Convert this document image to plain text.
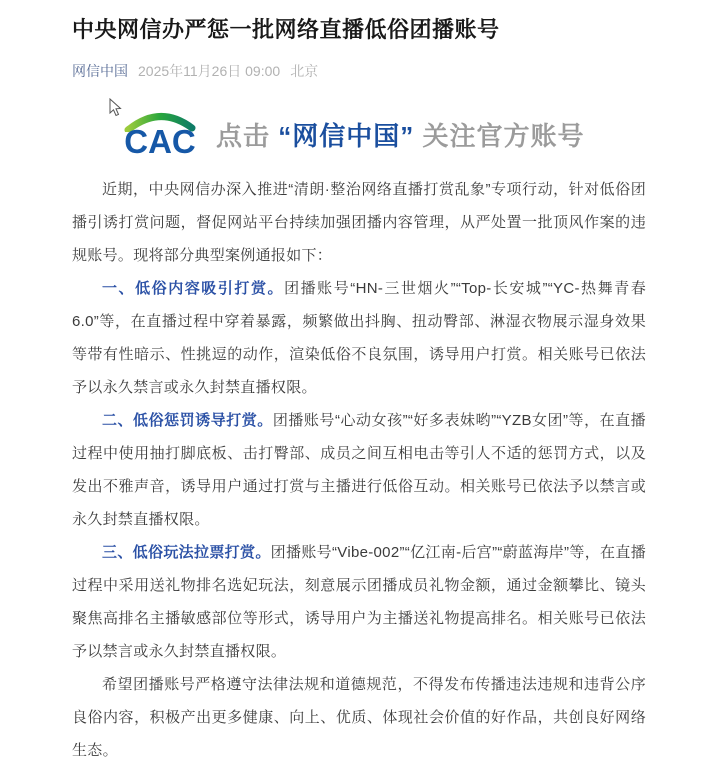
中央网信办严惩一批网络直播低俗团播账号
网信中国 2025年11月26日 09:00 北京
CAC 点击 “网信中国” 关注官方账号

近期，中央网信办深入推进“清朗·整治网络直播打赏乱象”专项行动，针对低俗团播引诱打赏问题，督促网站平台持续加强团播内容管理，从严处置一批顶风作案的违规账号。现将部分典型案例通报如下：

一、低俗内容吸引打赏。团播账号“HN-三世烟火”“Top-长安城”“YC-热舞青春6.0”等，在直播过程中穿着暴露，频繁做出抖胸、扭动臀部、淋湿衣物展示湿身效果等带有性暗示、性挑逗的动作，渲染低俗不良氛围，诱导用户打赏。相关账号已依法予以永久禁言或永久封禁直播权限。

二、低俗惩罚诱导打赏。团播账号“心动女孩”“好多表妹哟”“YZB女团”等，在直播过程中使用抽打脚底板、击打臀部、成员之间互相电击等引人不适的惩罚方式，以及发出不雅声音，诱导用户通过打赏与主播进行低俗互动。相关账号已依法予以禁言或永久封禁直播权限。

三、低俗玩法拉票打赏。团播账号“Vibe-002”“亿江南-后宫”“蔚蓝海岸”等，在直播过程中采用送礼物排名选妃玩法，刻意展示团播成员礼物金额，通过金额攀比、镜头聚焦高排名主播敏感部位等形式，诱导用户为主播送礼物提高排名。相关账号已依法予以禁言或永久封禁直播权限。

希望团播账号严格遵守法律法规和道德规范，不得发布传播违法违规和违背公序良俗内容，积极产出更多健康、向上、优质、体现社会价值的好作品，共创良好网络生态。
